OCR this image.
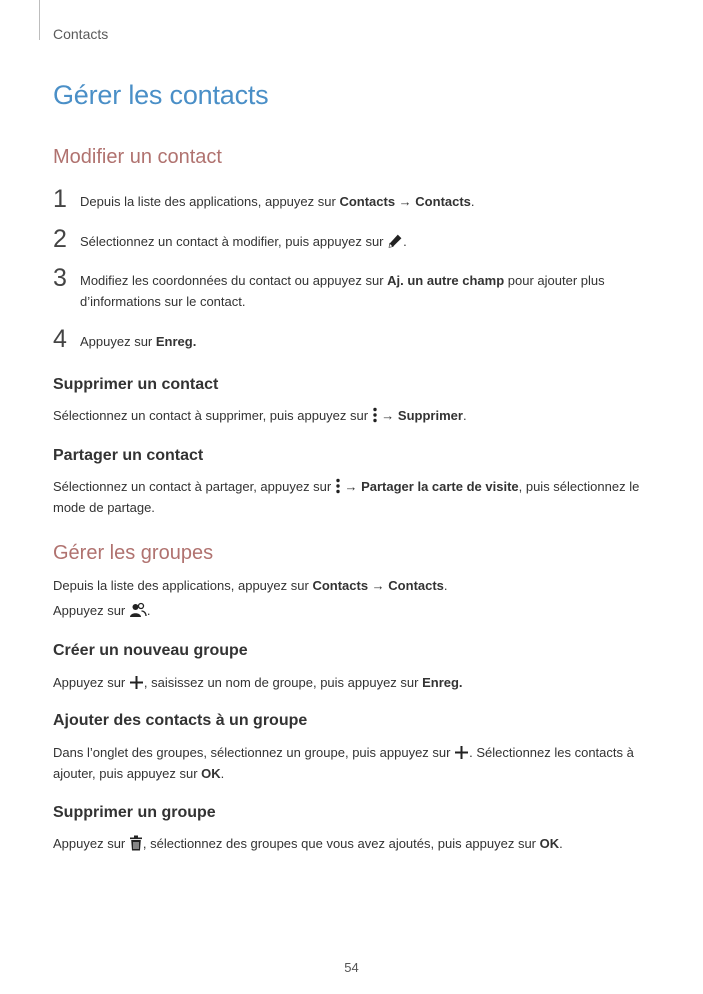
Contacts
Gérer les contacts
Modifier un contact
1 Depuis la liste des applications, appuyez sur Contacts → Contacts.
2 Sélectionnez un contact à modifier, puis appuyez sur .
3 Modifiez les coordonnées du contact ou appuyez sur Aj. un autre champ pour ajouter plus d’informations sur le contact.
4 Appuyez sur Enreg.
Supprimer un contact

Sélectionnez un contact à supprimer, puis appuyez sur  → Supprimer.

Partager un contact

Sélectionnez un contact à partager, appuyez sur  → Partager la carte de visite, puis sélectionnez le mode de partage.

Gérer les groupes

Depuis la liste des applications, appuyez sur Contacts → Contacts.

Appuyez sur .

Créer un nouveau groupe

Appuyez sur , saisissez un nom de groupe, puis appuyez sur Enreg.

Ajouter des contacts à un groupe

Dans l’onglet des groupes, sélectionnez un groupe, puis appuyez sur . Sélectionnez les contacts à ajouter, puis appuyez sur OK.

Supprimer un groupe

Appuyez sur , sélectionnez des groupes que vous avez ajoutés, puis appuyez sur OK.

54
